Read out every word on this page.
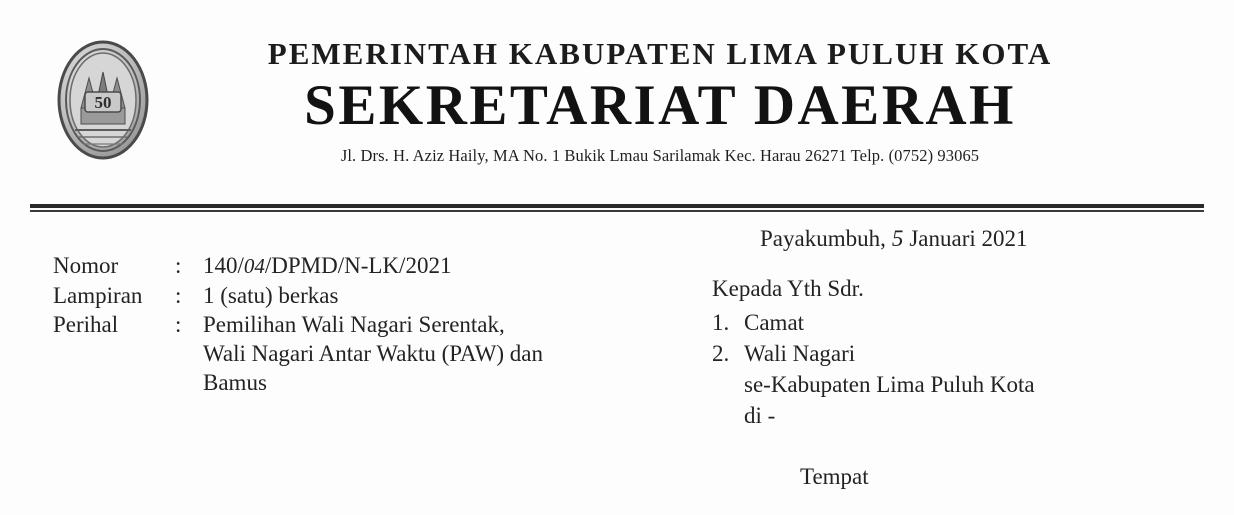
50
PEMERINTAH KABUPATEN LIMA PULUH KOTA
SEKRETARIAT DAERAH
Jl. Drs. H. Aziz Haily, MA No. 1 Bukik Lmau Sarilamak Kec. Harau 26271 Telp. (0752) 93065
Nomor	: 140/04/DPMD/N-LK/2021
Lampiran	: 1 (satu) berkas
Perihal	: Pemilihan Wali Nagari Serentak,
Wali Nagari Antar Waktu (PAW) dan
Bamus
Payakumbuh, 5 Januari 2021
Kepada Yth Sdr.
1. Camat
2. Wali Nagari
se-Kabupaten Lima Puluh Kota
di -
Tempat
